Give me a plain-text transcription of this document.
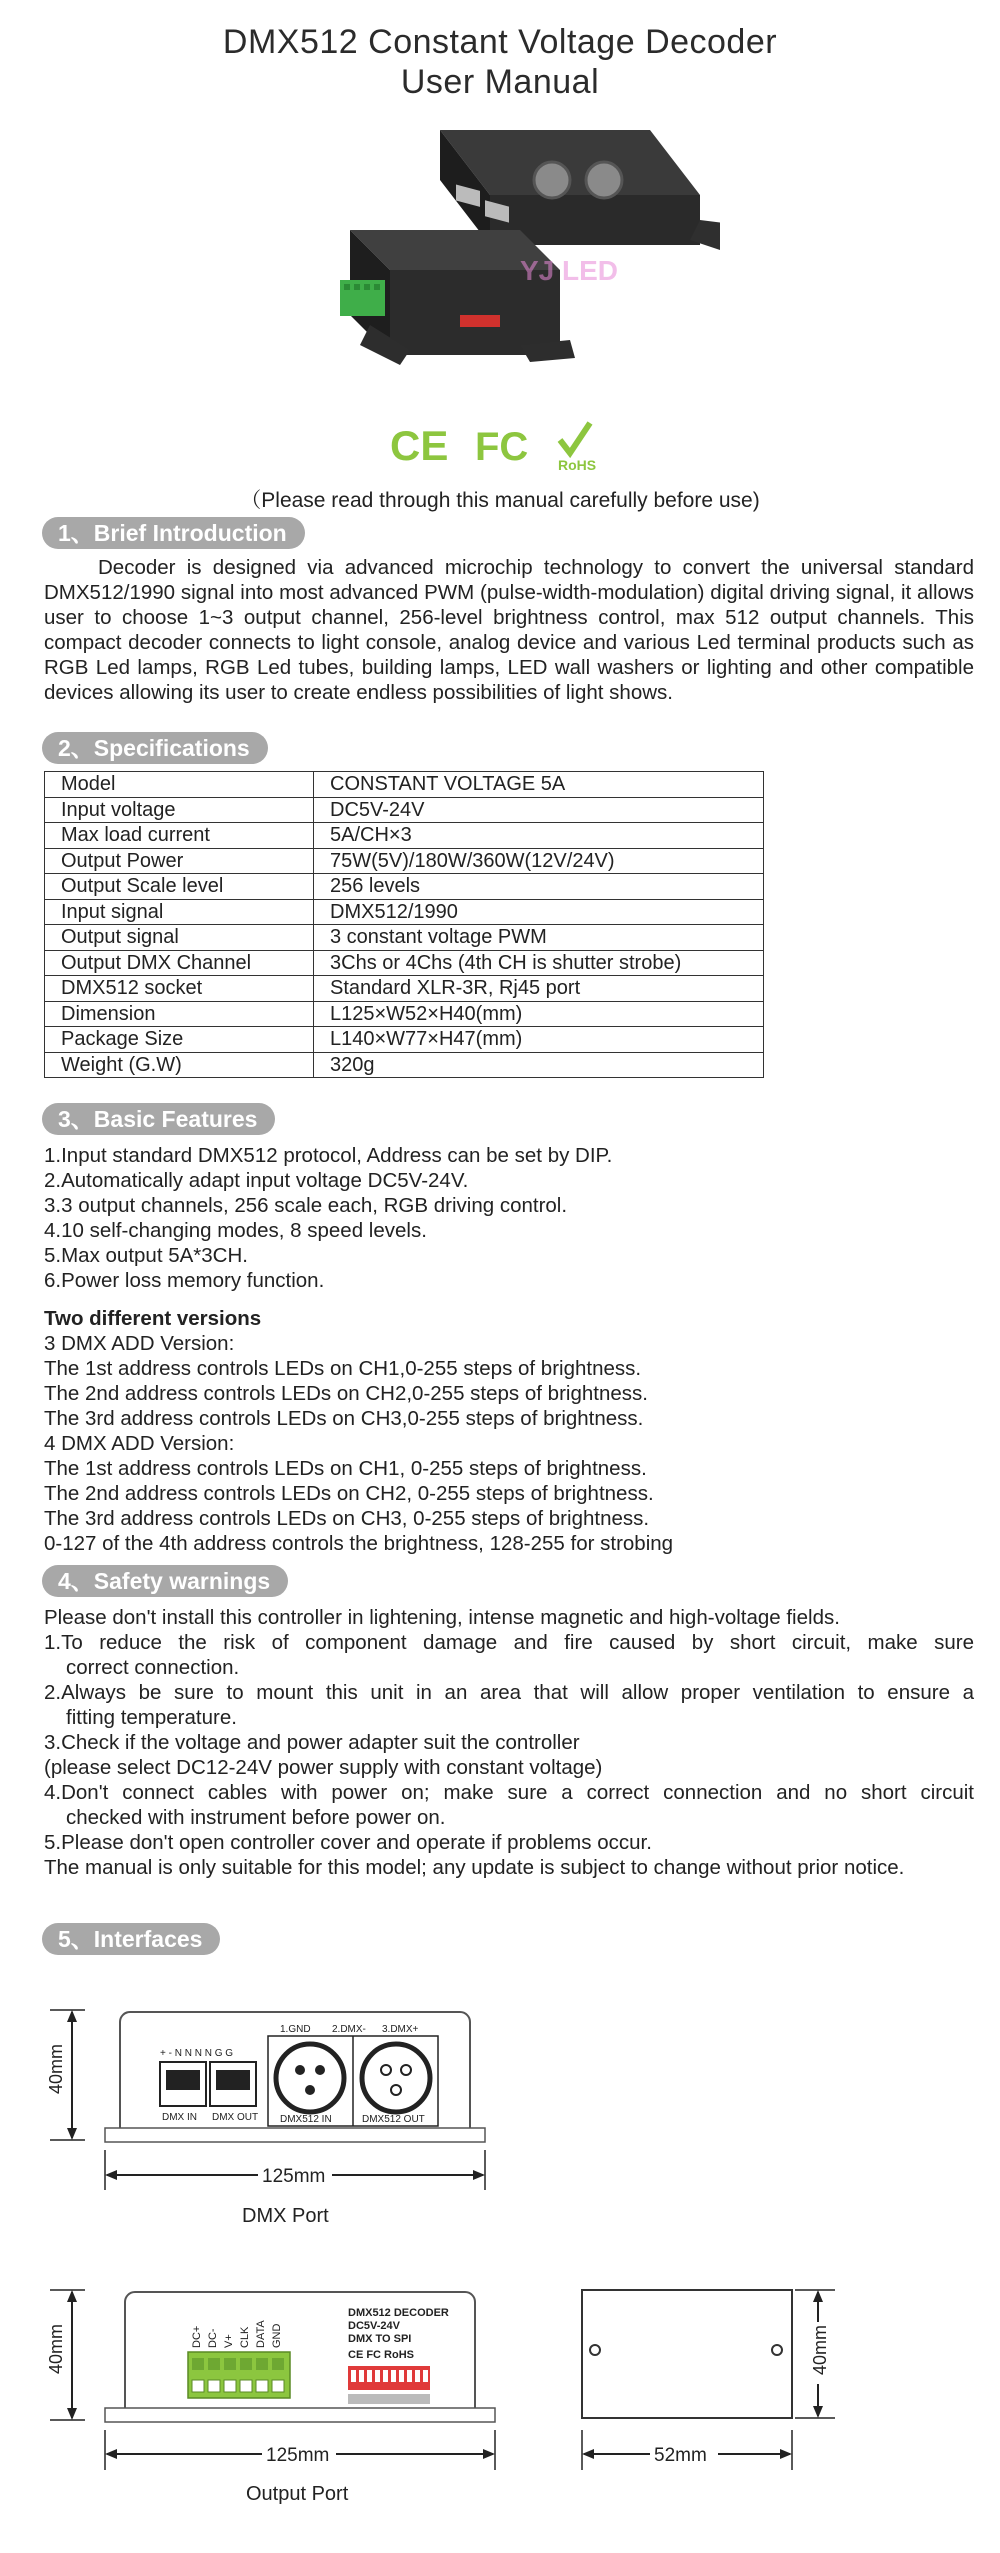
DMX512 Constant Voltage Decoder
User Manual
YJ LED
CE FC RoHS
（Please read through this manual carefully before use)
1、Brief Introduction
Decoder is designed via advanced microchip technology to convert the universal standard DMX512/1990 signal into most advanced PWM (pulse-width-modulation) digital driving signal, it allows user to choose 1~3 output channel, 256-level brightness control, max 512 output channels. This compact decoder connects to light console, analog device and various Led terminal products such as RGB Led lamps, RGB Led tubes, building lamps, LED wall washers or lighting and other compatible devices allowing its user to create endless possibilities of light shows.
2、Specifications
Model	CONSTANT VOLTAGE 5A
Input voltage	DC5V-24V
Max load current	5A/CH×3
Output Power	75W(5V)/180W/360W(12V/24V)
Output Scale level	256 levels
Input signal	DMX512/1990
Output signal	3 constant voltage PWM
Output DMX Channel	3Chs or 4Chs (4th CH is shutter strobe)
DMX512 socket	Standard XLR-3R, Rj45 port
Dimension	L125×W52×H40(mm)
Package Size	L140×W77×H47(mm)
Weight (G.W)	320g
3、Basic Features
1.Input standard DMX512 protocol, Address can be set by DIP.
2.Automatically adapt input voltage DC5V-24V.
3.3 output channels, 256 scale each, RGB driving control.
4.10 self-changing modes, 8 speed levels.
5.Max output 5A*3CH.
6.Power loss memory function.
Two different versions
3 DMX ADD Version:
The 1st address controls LEDs on CH1,0-255 steps of brightness.
The 2nd address controls LEDs on CH2,0-255 steps of brightness.
The 3rd address controls LEDs on CH3,0-255 steps of brightness.
4 DMX ADD Version:
The 1st address controls LEDs on CH1, 0-255 steps of brightness.
The 2nd address controls LEDs on CH2, 0-255 steps of brightness.
The 3rd address controls LEDs on CH3, 0-255 steps of brightness.
0-127 of the 4th address controls the brightness, 128-255 for strobing
4、Safety warnings
Please don't install this controller in lightening, intense magnetic and high-voltage fields.
1.To reduce the risk of component damage and fire caused by short circuit, make sure
correct connection.
2.Always be sure to mount this unit in an area that will allow proper ventilation to ensure a
fitting temperature.
3.Check if the voltage and power adapter suit the controller
(please select DC12-24V power supply with constant voltage)
4.Don't connect cables with power on; make sure a correct connection and no short circuit
checked with instrument before power on.
5.Please don't open controller cover and operate if problems occur.
The manual is only suitable for this model; any update is subject to change without prior notice.
5、Interfaces
40mm	+ - N N N N G G
DMX IN DMX OUT
1.GND 2.DMX- 3.DMX+
DMX512 IN	DMX512 OUT
125mm
DMX Port
40mm	DC+ DC- V+ CLK DATA GND
DMX512 DECODER
DC5V-24V
DMX TO SPI
CE FC RoHS
125mm
Output Port
40mm
52mm
